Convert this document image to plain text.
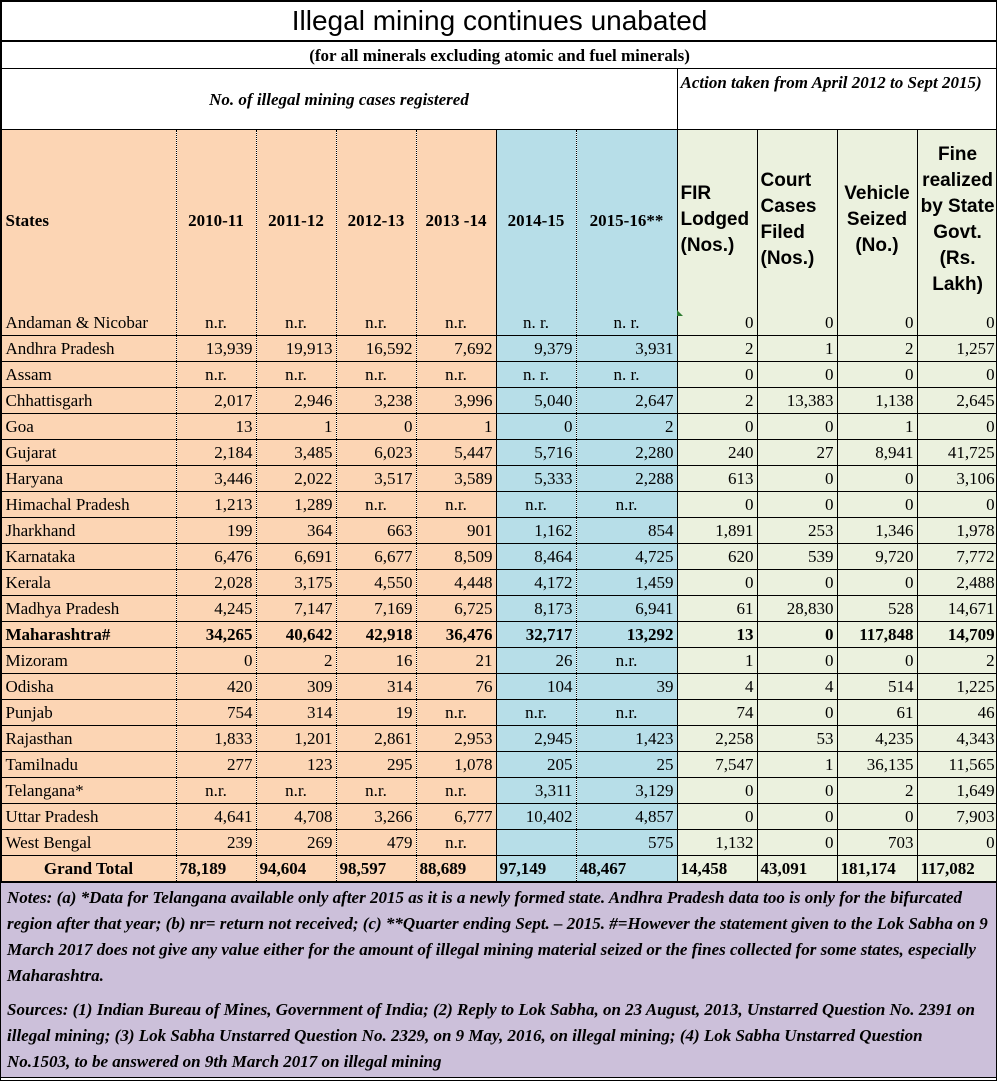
Illegal mining continues unabated										
(for all minerals excluding atomic and fuel minerals)										
No. of illegal mining cases registered							Action taken from April 2012 to Sept 2015)			
States	2010-11	2011-12	2012-13	2013 -14	2014-15	2015-16**	FIR Lodged (Nos.)	Court Cases Filed (Nos.)	Vehicle Seized (No.)	Fine realized by State Govt. (Rs. Lakh)
Andaman & Nicobar	n.r.	n.r.	n.r.	n.r.	n. r.	n. r.	0	0	0	0
Andhra Pradesh	13,939	19,913	16,592	7,692	9,379	3,931	2	1	2	1,257
Assam	n.r.	n.r.	n.r.	n.r.	n. r.	n. r.	0	0	0	0
Chhattisgarh	2,017	2,946	3,238	3,996	5,040	2,647	2	13,383	1,138	2,645
Goa	13	1	0	1	0	2	0	0	1	0
Gujarat	2,184	3,485	6,023	5,447	5,716	2,280	240	27	8,941	41,725
Haryana	3,446	2,022	3,517	3,589	5,333	2,288	613	0	0	3,106
Himachal Pradesh	1,213	1,289	n.r.	n.r.	n.r.	n.r.	0	0	0	0
Jharkhand	199	364	663	901	1,162	854	1,891	253	1,346	1,978
Karnataka	6,476	6,691	6,677	8,509	8,464	4,725	620	539	9,720	7,772
Kerala	2,028	3,175	4,550	4,448	4,172	1,459	0	0	0	2,488
Madhya Pradesh	4,245	7,147	7,169	6,725	8,173	6,941	61	28,830	528	14,671
Maharashtra#	34,265	40,642	42,918	36,476	32,717	13,292	13	0	117,848	14,709
Mizoram	0	2	16	21	26	n.r.	1	0	0	2
Odisha	420	309	314	76	104	39	4	4	514	1,225
Punjab	754	314	19	n.r.	n.r.	n.r.	74	0	61	46
Rajasthan	1,833	1,201	2,861	2,953	2,945	1,423	2,258	53	4,235	4,343
Tamilnadu	277	123	295	1,078	205	25	7,547	1	36,135	11,565
Telangana*	n.r.	n.r.	n.r.	n.r.	3,311	3,129	0	0	2	1,649
Uttar Pradesh	4,641	4,708	3,266	6,777	10,402	4,857	0	0	0	7,903
West Bengal	239	269	479	n.r.		575	1,132	0	703	0
Grand Total	78,189	94,604	98,597	88,689	97,149	48,467	14,458	43,091	181,174	117,082

Notes: (a) *Data for Telangana available only after 2015 as it is a newly formed state. Andhra Pradesh data too is only for the bifurcated region after that year; (b) nr= return not received; (c) **Quarter ending Sept. – 2015. #=However the statement given to the Lok Sabha on 9 March 2017 does not give any value either for the amount of illegal mining material seized or the fines collected for some states, especially Maharashtra.

Sources: (1) Indian Bureau of Mines, Government of India; (2) Reply to Lok Sabha, on 23 August, 2013, Unstarred Question No. 2391 on illegal mining; (3) Lok Sabha Unstarred Question No. 2329, on 9 May, 2016, on illegal mining; (4) Lok Sabha Unstarred Question No.1503, to be answered on 9th March 2017 on illegal mining
